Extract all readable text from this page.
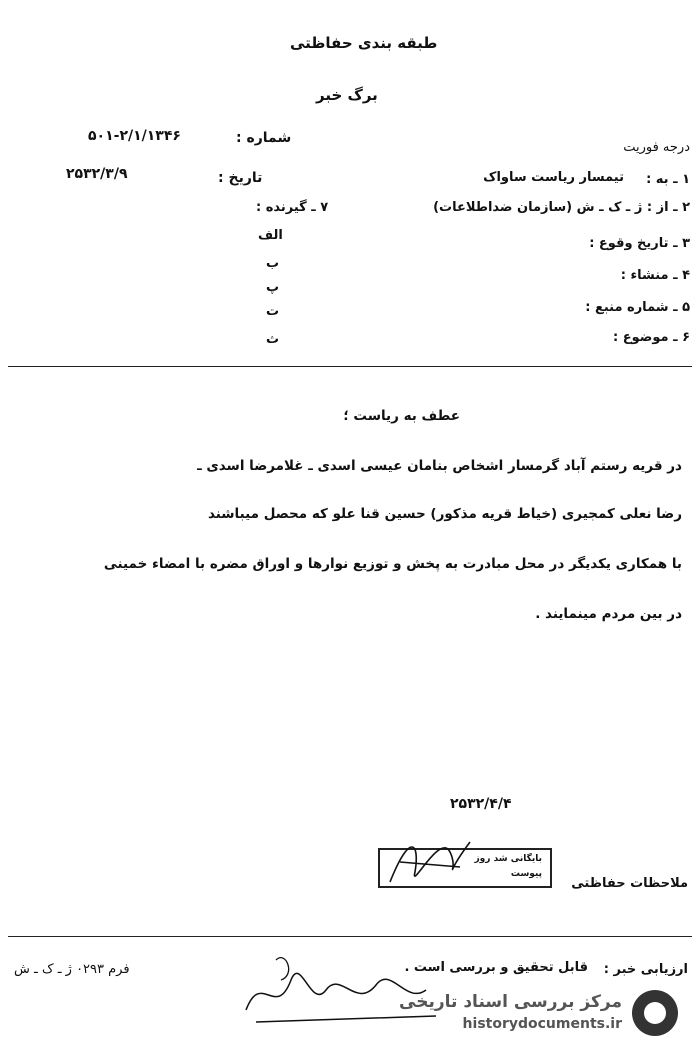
طبقه بندی حفاظتی
برگ خبر
شماره :
۵۰۱-۲/۱/۱۳۴۶
تاریخ :
۲۵۳۲/۳/۹
درجه فوریت
۱ ـ به :
تیمسار ریاست ساواک
۲ ـ از : ژ ـ ک ـ ش (سازمان ضداطلاعات)
۳ ـ تاریخ وقوع :
۴ ـ منشاء :
۵ ـ شماره منبع :
۶ ـ موضوع :
۷ ـ گیرنده :
الف
ب
پ
ت
ث
عطف به ریاست ؛
در قریه رستم آباد گرمسار اشخاص بنامان عیسی اسدی ـ غلامرضا اسدی ـ
رضا نعلی کمجیری (خیاط قریه مذکور) حسین قنا علو که محصل میباشند
با همکاری یکدیگر در محل مبادرت به پخش و توزیع نوارها و اوراق مضره با امضاء خمینی
در بین مردم مینمایند .
۲۵۳۲/۴/۴
بایگانی شد روز
پیوست
ملاحظات حفاظتی
ارزیابی خبر :
قابل تحقیق و بررسی است .
فرم ۰۲۹۳ ژ ـ ک ـ ش
مرکز بررسی اسناد تاریخی
historydocuments.ir
